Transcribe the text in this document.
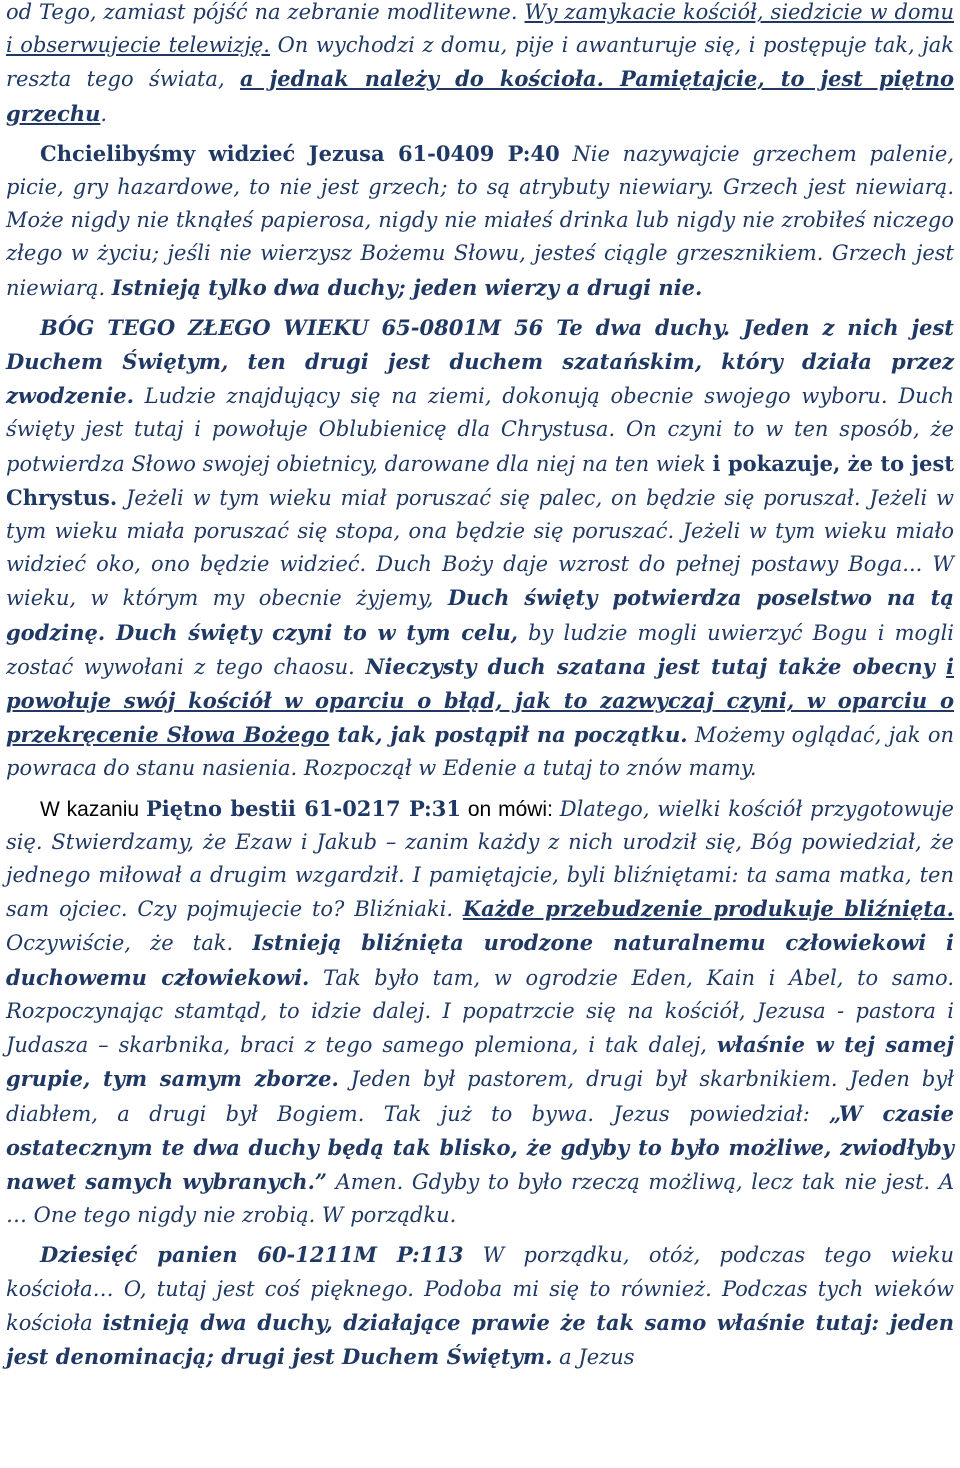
od Tego, zamiast pójść na zebranie modlitewne. Wy zamykacie kościół, siedzicie w domu i obserwujecie telewizję. On wychodzi z domu, pije i awanturuje się, i postępuje tak, jak reszta tego świata, a jednak należy do kościoła. Pamiętajcie, to jest piętno grzechu.

Chcielibyśmy widzieć Jezusa 61-0409 P:40 Nie nazywajcie grzechem palenie, picie, gry hazardowe, to nie jest grzech; to są atrybuty niewiary. Grzech jest niewiarą. Może nigdy nie tknąłeś papierosa, nigdy nie miałeś drinka lub nigdy nie zrobiłeś niczego złego w życiu; jeśli nie wierzysz Bożemu Słowu, jesteś ciągle grzesznikiem. Grzech jest niewiarą. Istnieją tylko dwa duchy; jeden wierzy a drugi nie.

BÓG TEGO ZŁEGO WIEKU 65-0801M 56 Te dwa duchy. Jeden z nich jest Duchem Świętym, ten drugi jest duchem szatańskim, który działa przez zwodzenie. Ludzie znajdujący się na ziemi, dokonują obecnie swojego wyboru. Duch święty jest tutaj i powołuje Oblubienicę dla Chrystusa. On czyni to w ten sposób, że potwierdza Słowo swojej obietnicy, darowane dla niej na ten wiek i pokazuje, że to jest Chrystus. Jeżeli w tym wieku miał poruszać się palec, on będzie się poruszał. Jeżeli w tym wieku miała poruszać się stopa, ona będzie się poruszać. Jeżeli w tym wieku miało widzieć oko, ono będzie widzieć. Duch Boży daje wzrost do pełnej postawy Boga... W wieku, w którym my obecnie żyjemy, Duch święty potwierdza poselstwo na tą godzinę. Duch święty czyni to w tym celu, by ludzie mogli uwierzyć Bogu i mogli zostać wywołani z tego chaosu. Nieczysty duch szatana jest tutaj także obecny i powołuje swój kościół w oparciu o błąd, jak to zazwyczaj czyni, w oparciu o przekręcenie Słowa Bożego tak, jak postąpił na początku. Możemy oglądać, jak on powraca do stanu nasienia. Rozpoczął w Edenie a tutaj to znów mamy.

W kazaniu Piętno bestii 61-0217 P:31 on mówi: Dlatego, wielki kościół przygotowuje się. Stwierdzamy, że Ezaw i Jakub – zanim każdy z nich urodził się, Bóg powiedział, że jednego miłował a drugim wzgardził. I pamiętajcie, byli bliźniętami: ta sama matka, ten sam ojciec. Czy pojmujecie to? Bliźniaki. Każde przebudzenie produkuje bliźnięta. Oczywiście, że tak. Istnieją bliźnięta urodzone naturalnemu człowiekowi i duchowemu człowiekowi. Tak było tam, w ogrodzie Eden, Kain i Abel, to samo. Rozpoczynając stamtąd, to idzie dalej. I popatrzcie się na kościół, Jezusa - pastora i Judasza – skarbnika, braci z tego samego plemiona, i tak dalej, właśnie w tej samej grupie, tym samym zborze. Jeden był pastorem, drugi był skarbnikiem. Jeden był diabłem, a drugi był Bogiem. Tak już to bywa. Jezus powiedział: „W czasie ostatecznym te dwa duchy będą tak blisko, że gdyby to było możliwe, zwiodłyby nawet samych wybranych.” Amen. Gdyby to było rzeczą możliwą, lecz tak nie jest. A … One tego nigdy nie zrobią. W porządku.

Dziesięć panien 60-1211M P:113 W porządku, otóż, podczas tego wieku kościoła… O, tutaj jest coś pięknego. Podoba mi się to również. Podczas tych wieków kościoła istnieją dwa duchy, działające prawie że tak samo właśnie tutaj: jeden jest denominacją; drugi jest Duchem Świętym. a Jezus
